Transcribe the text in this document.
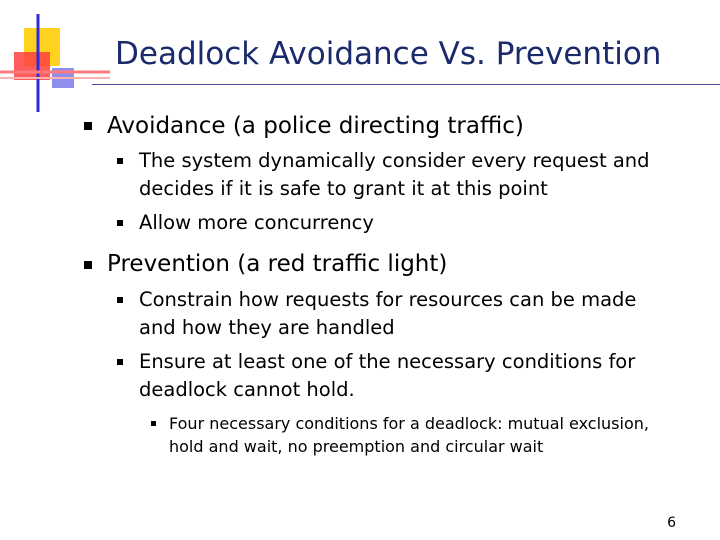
Deadlock Avoidance Vs. Prevention

Avoidance (a police directing traffic)

The system dynamically consider every request and

decides if it is safe to grant it at this point

Allow more concurrency

Prevention (a red traffic light)

Constrain how requests for resources can be made

and how they are handled

Ensure at least one of the necessary conditions for

deadlock cannot hold.

Four necessary conditions for a deadlock: mutual exclusion,

hold and wait, no preemption and circular wait

6
